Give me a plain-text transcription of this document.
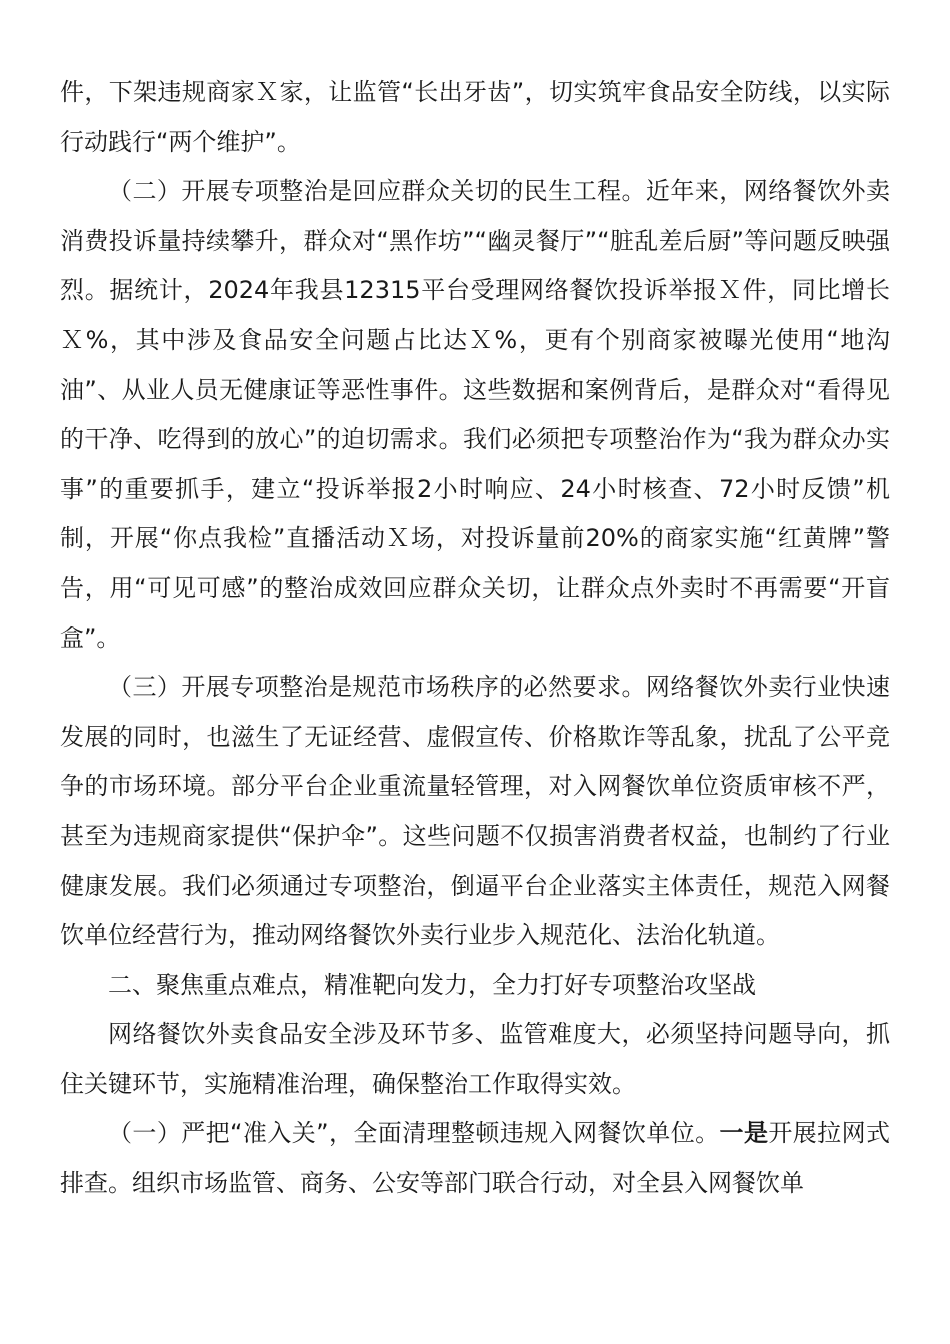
件，下架违规商家Ｘ家，让监管“长出牙齿”，切实筑牢食品安全防线，以实际行动践行“两个维护”。

（二）开展专项整治是回应群众关切的民生工程。近年来，网络餐饮外卖消费投诉量持续攀升，群众对“黑作坊”“幽灵餐厅”“脏乱差后厨”等问题反映强烈。据统计，2024年我县12315平台受理网络餐饮投诉举报Ｘ件，同比增长Ｘ%，其中涉及食品安全问题占比达Ｘ%，更有个别商家被曝光使用“地沟油”、从业人员无健康证等恶性事件。这些数据和案例背后，是群众对“看得见的干净、吃得到的放心”的迫切需求。我们必须把专项整治作为“我为群众办实事”的重要抓手，建立“投诉举报2小时响应、24小时核查、72小时反馈”机制，开展“你点我检”直播活动Ｘ场，对投诉量前20%的商家实施“红黄牌”警告，用“可见可感”的整治成效回应群众关切，让群众点外卖时不再需要“开盲盒”。

（三）开展专项整治是规范市场秩序的必然要求。网络餐饮外卖行业快速发展的同时，也滋生了无证经营、虚假宣传、价格欺诈等乱象，扰乱了公平竞争的市场环境。部分平台企业重流量轻管理，对入网餐饮单位资质审核不严，甚至为违规商家提供“保护伞”。这些问题不仅损害消费者权益，也制约了行业健康发展。我们必须通过专项整治，倒逼平台企业落实主体责任，规范入网餐饮单位经营行为，推动网络餐饮外卖行业步入规范化、法治化轨道。

二、聚焦重点难点，精准靶向发力，全力打好专项整治攻坚战

网络餐饮外卖食品安全涉及环节多、监管难度大，必须坚持问题导向，抓住关键环节，实施精准治理，确保整治工作取得实效。

（一）严把“准入关”，全面清理整顿违规入网餐饮单位。一是开展拉网式排查。组织市场监管、商务、公安等部门联合行动，对全县入网餐饮单
